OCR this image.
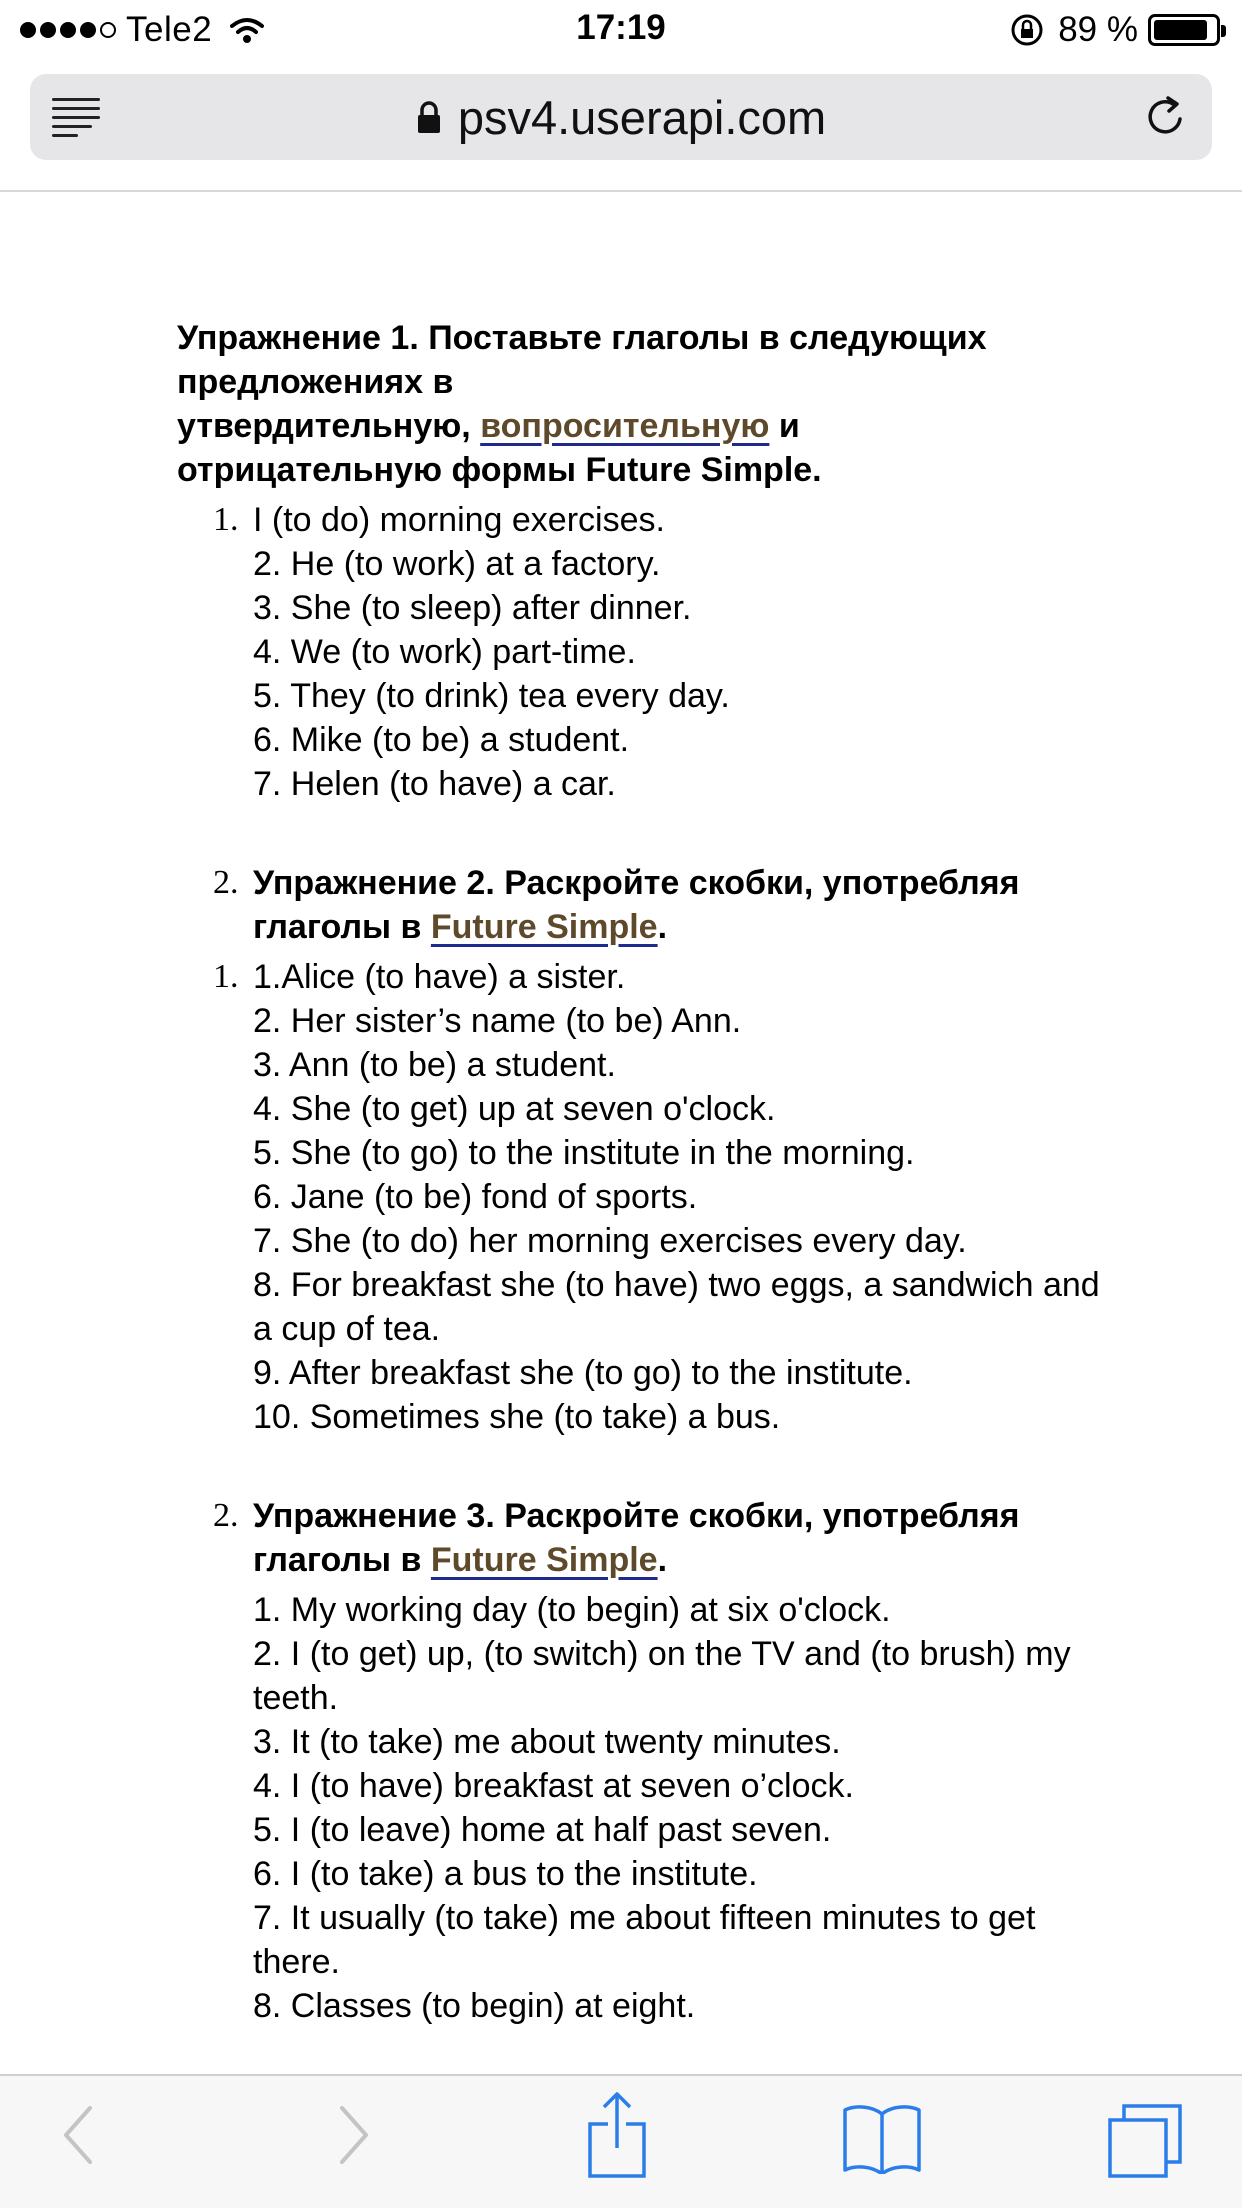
Tele2	17:19	89 %
psv4.userapi.com
Упражнение 1. Поставьте глаголы в следующих
предложениях в
утвердительную, вопросительную и
отрицательную формы Future Simple.
1. I (to do) morning exercises.
2. He (to work) at a factory.
3. She (to sleep) after dinner.
4. We (to work) part-time.
5. They (to drink) tea every day.
6. Mike (to be) a student.
7. Helen (to have) a car.
2. Упражнение 2. Раскройте скобки, употребляя
глаголы в Future Simple.
1. 1.Alice (to have) a sister.
2. Her sister’s name (to be) Ann.
3. Ann (to be) a student.
4. She (to get) up at seven o'clock.
5. She (to go) to the institute in the morning.
6. Jane (to be) fond of sports.
7. She (to do) her morning exercises every day.
8. For breakfast she (to have) two eggs, a sandwich and a cup of tea.
9. After breakfast she (to go) to the institute.
10. Sometimes she (to take) a bus.
2. Упражнение 3. Раскройте скобки, употребляя
глаголы в Future Simple.
1. My working day (to begin) at six o'clock.
2. I (to get) up, (to switch) on the TV and (to brush) my teeth.
3. It (to take) me about twenty minutes.
4. I (to have) breakfast at seven o’clock.
5. I (to leave) home at half past seven.
6. I (to take) a bus to the institute.
7. It usually (to take) me about fifteen minutes to get there.
8. Classes (to begin) at eight.
